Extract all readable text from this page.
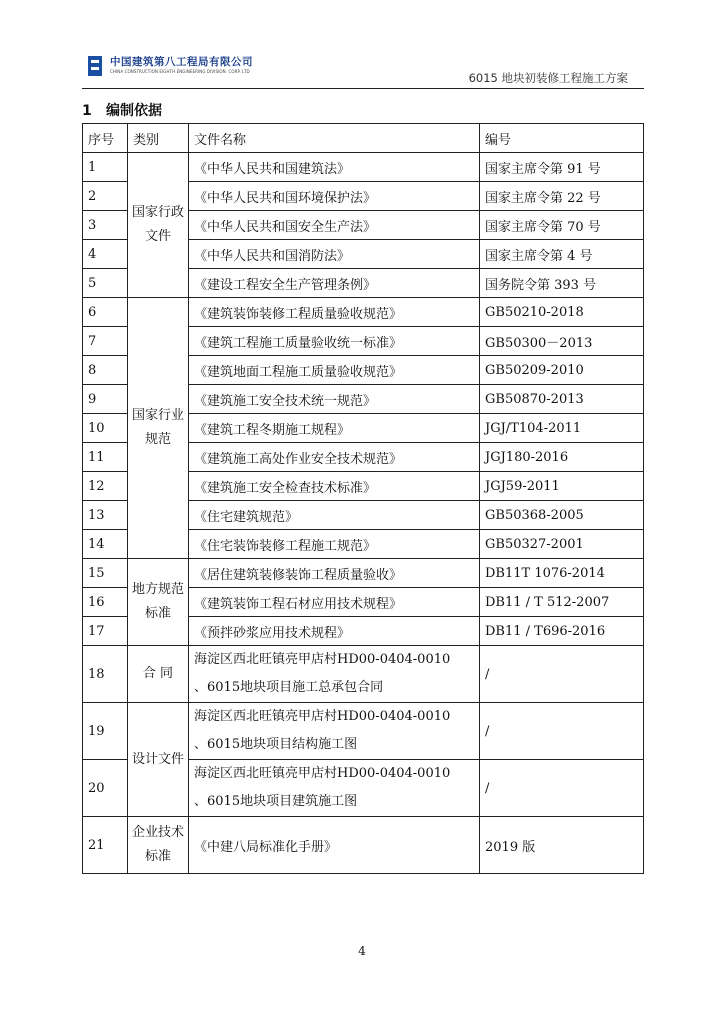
中国建筑第八工程局有限公司
CHINA CONSTRUCTION EIGHTH ENGINEERING DIVISION. CORP. LTD	6015 地块初装修工程施工方案
1 编制依据
序号	类别	文件名称	编号
1	国家行政文件	《中华人民共和国建筑法》	国家主席令第 91 号
2		《中华人民共和国环境保护法》	国家主席令第 22 号
3		《中华人民共和国安全生产法》	国家主席令第 70 号
4		《中华人民共和国消防法》	国家主席令第 4 号
5		《建设工程安全生产管理条例》	国务院令第 393 号
6	国家行业规范	《建筑装饰装修工程质量验收规范》	GB50210-2018
7		《建筑工程施工质量验收统一标准》	GB50300－2013
8		《建筑地面工程施工质量验收规范》	GB50209-2010
9		《建筑施工安全技术统一规范》	GB50870-2013
10		《建筑工程冬期施工规程》	JGJ/T104-2011
11		《建筑施工高处作业安全技术规范》	JGJ180-2016
12		《建筑施工安全检查技术标准》	JGJ59-2011
13		《住宅建筑规范》	GB50368-2005
14		《住宅装饰装修工程施工规范》	GB50327-2001
15	地方规范标准	《居住建筑装修装饰工程质量验收》	DB11T 1076-2014
16		《建筑装饰工程石材应用技术规程》	DB11 / T 512-2007
17		《预拌砂浆应用技术规程》	DB11 / T696-2016
18	合 同	海淀区西北旺镇亮甲店村HD00-0404-0010
、6015地块项目施工总承包合同	/
19	设计文件	海淀区西北旺镇亮甲店村HD00-0404-0010
、6015地块项目结构施工图	/
20		海淀区西北旺镇亮甲店村HD00-0404-0010
、6015地块项目建筑施工图	/
21	企业技术标准	《中建八局标准化手册》	2019 版
4
